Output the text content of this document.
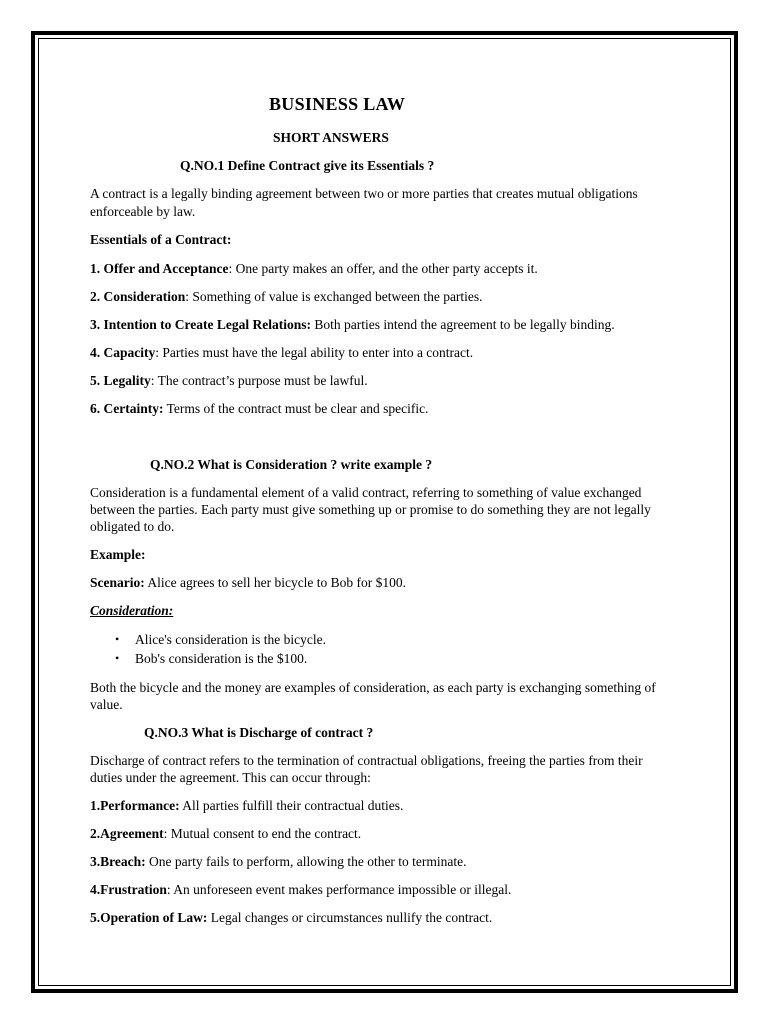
BUSINESS LAW
SHORT ANSWERS
Q.NO.1 Define Contract give its Essentials ?
A contract is a legally binding agreement between two or more parties that creates mutual obligations
enforceable by law.
Essentials of a Contract:
1. Offer and Acceptance: One party makes an offer, and the other party accepts it.
2. Consideration: Something of value is exchanged between the parties.
3. Intention to Create Legal Relations: Both parties intend the agreement to be legally binding.
4. Capacity: Parties must have the legal ability to enter into a contract.
5. Legality: The contract’s purpose must be lawful.
6. Certainty: Terms of the contract must be clear and specific.
Q.NO.2 What is Consideration ? write example ?
Consideration is a fundamental element of a valid contract, referring to something of value exchanged
between the parties. Each party must give something up or promise to do something they are not legally
obligated to do.
Example:
Scenario: Alice agrees to sell her bicycle to Bob for $100.
Consideration:
• Alice's consideration is the bicycle.
• Bob's consideration is the $100.
Both the bicycle and the money are examples of consideration, as each party is exchanging something of
value.
Q.NO.3 What is Discharge of contract ?
Discharge of contract refers to the termination of contractual obligations, freeing the parties from their
duties under the agreement. This can occur through:
1.Performance: All parties fulfill their contractual duties.
2.Agreement: Mutual consent to end the contract.
3.Breach: One party fails to perform, allowing the other to terminate.
4.Frustration: An unforeseen event makes performance impossible or illegal.
5.Operation of Law: Legal changes or circumstances nullify the contract.
